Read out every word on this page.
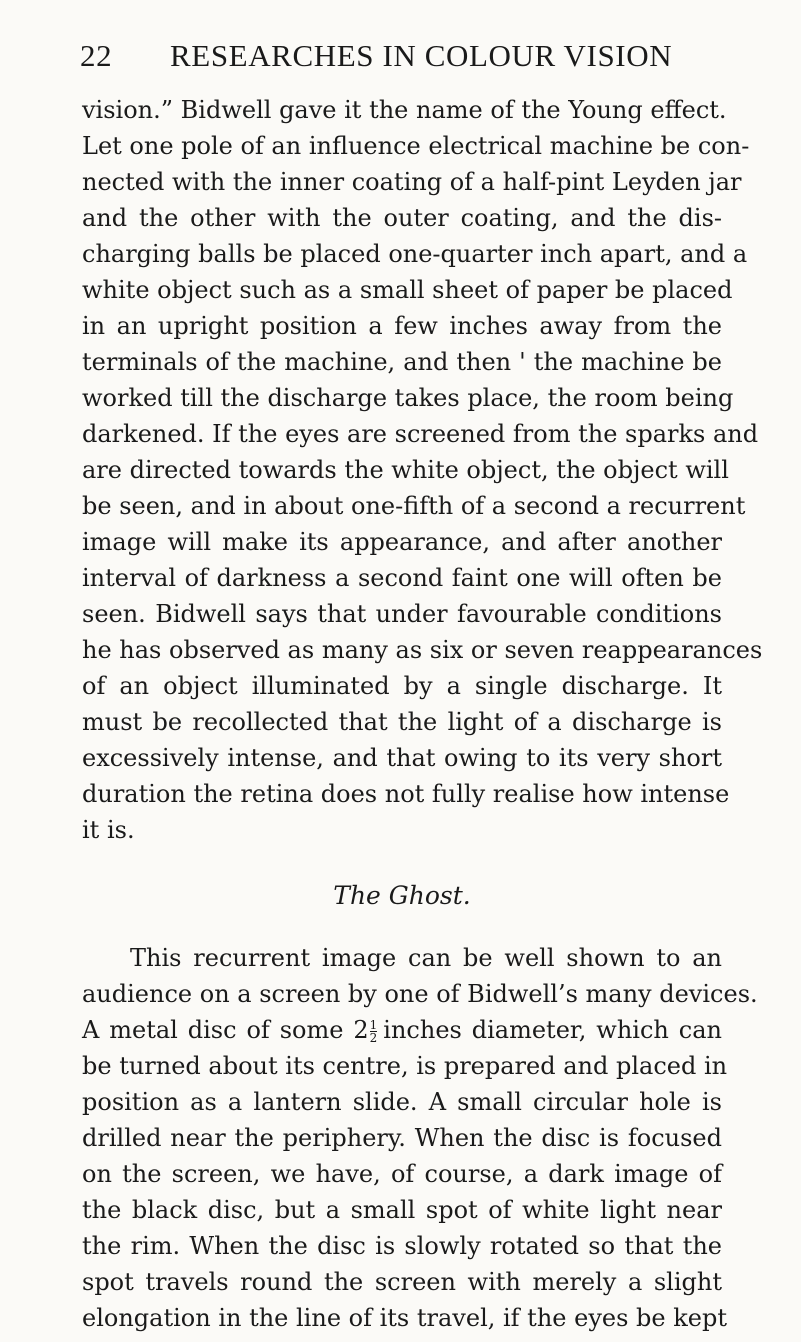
22 RESEARCHES IN COLOUR VISION
vision.” Bidwell gave it the name of the Young effect.
Let one pole of an influence electrical machine be con-
nected with the inner coating of a half-pint Leyden jar
and the other with the outer coating, and the dis-
charging balls be placed one-quarter inch apart, and a
white object such as a small sheet of paper be placed
in an upright position a few inches away from the
terminals of the machine, and then ' the machine be
worked till the discharge takes place, the room being
darkened. If the eyes are screened from the sparks and
are directed towards the white object, the object will
be seen, and in about one-fifth of a second a recurrent
image will make its appearance, and after another
interval of darkness a second faint one will often be
seen. Bidwell says that under favourable conditions
he has observed as many as six or seven reappearances
of an object illuminated by a single discharge. It
must be recollected that the light of a discharge is
excessively intense, and that owing to its very short
duration the retina does not fully realise how intense
it is.
The Ghost.
This recurrent image can be well shown to an
audience on a screen by one of Bidwell’s many devices.
A metal disc of some $2 \frac{1}{2}$ inches diameter, which can
be turned about its centre, is prepared and placed in
position as a lantern slide. A small circular hole is
drilled near the periphery. When the disc is focused
on the screen, we have, of course, a dark image of
the black disc, but a small spot of white light near
the rim. When the disc is slowly rotated so that the
spot travels round the screen with merely a slight
elongation in the line of its travel, if the eyes be kept
